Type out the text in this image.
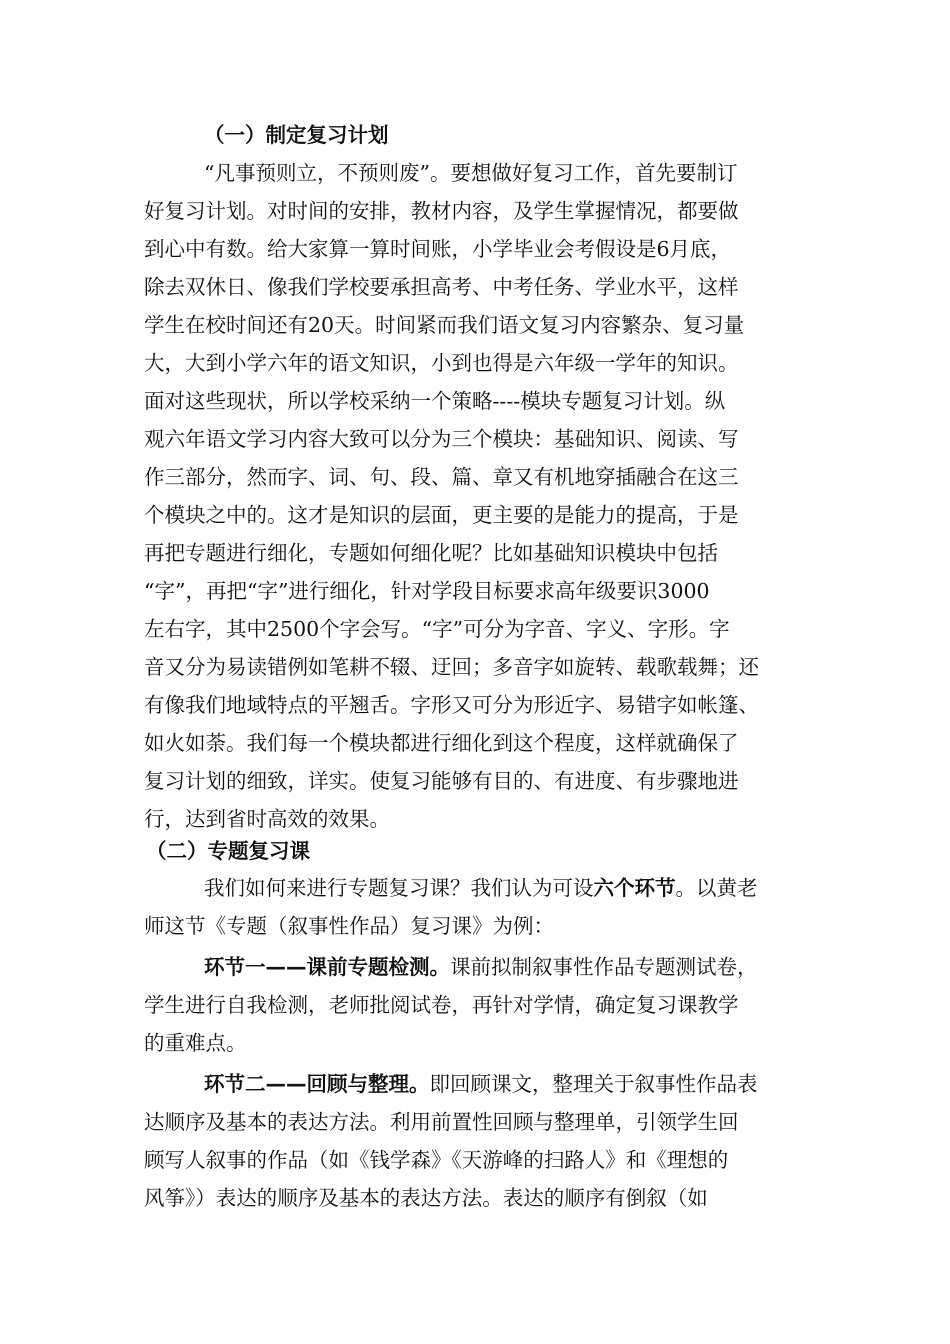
（一）制定复习计划
“凡事预则立，不预则废”。要想做好复习工作，首先要制订
好复习计划。对时间的安排，教材内容，及学生掌握情况，都要做
到心中有数。给大家算一算时间账，小学毕业会考假设是6月底，
除去双休日、像我们学校要承担高考、中考任务、学业水平，这样
学生在校时间还有20天。时间紧而我们语文复习内容繁杂、复习量
大，大到小学六年的语文知识，小到也得是六年级一学年的知识。
面对这些现状，所以学校采纳一个策略----模块专题复习计划。纵
观六年语文学习内容大致可以分为三个模块：基础知识、阅读、写
作三部分，然而字、词、句、段、篇、章又有机地穿插融合在这三
个模块之中的。这才是知识的层面，更主要的是能力的提高，于是
再把专题进行细化，专题如何细化呢？比如基础知识模块中包括
“字”，再把“字”进行细化，针对学段目标要求高年级要识3000
左右字，其中2500个字会写。“字”可分为字音、字义、字形。字
音又分为易读错例如笔耕不辍、迂回；多音字如旋转、载歌载舞；还
有像我们地域特点的平翘舌。字形又可分为形近字、易错字如帐篷、
如火如荼。我们每一个模块都进行细化到这个程度，这样就确保了
复习计划的细致，详实。使复习能够有目的、有进度、有步骤地进
行，达到省时高效的效果。
（二）专题复习课
我们如何来进行专题复习课？我们认为可设六个环节。以黄老
师这节《专题（叙事性作品）复习课》为例：
环节一——课前专题检测。课前拟制叙事性作品专题测试卷，
学生进行自我检测，老师批阅试卷，再针对学情，确定复习课教学
的重难点。
环节二——回顾与整理。即回顾课文，整理关于叙事性作品表
达顺序及基本的表达方法。利用前置性回顾与整理单，引领学生回
顾写人叙事的作品（如《钱学森》《天游峰的扫路人》和《理想的
风筝》）表达的顺序及基本的表达方法。表达的顺序有倒叙（如
